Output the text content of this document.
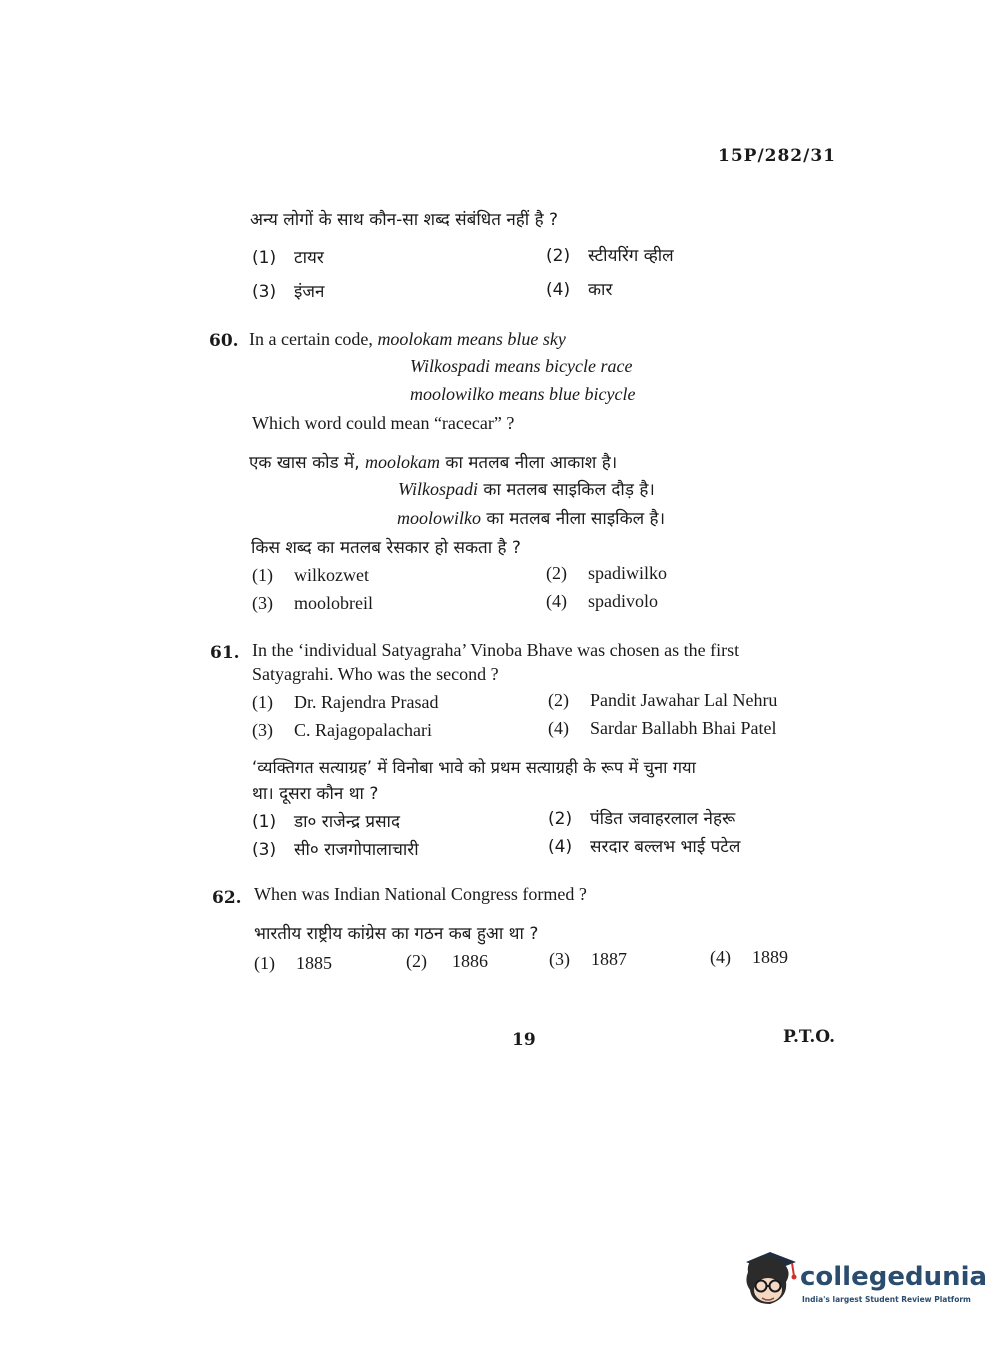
15P/282/31
अन्य लोगों के साथ कौन-सा शब्द संबंधित नहीं है ?
(1) टायर	(2) स्टीयरिंग व्हील
(3) इंजन	(4) कार
60. In a certain code, moolokam means blue sky
Wilkospadi means bicycle race
moolowilko means blue bicycle
Which word could mean “racecar” ?
एक खास कोड में, moolokam का मतलब नीला आकाश है।
Wilkospadi का मतलब साइकिल दौड़ है।
moolowilko का मतलब नीला साइकिल है।
किस शब्द का मतलब रेसकार हो सकता है ?
(1) wilkozwet	(2) spadiwilko
(3) moolobreil	(4) spadivolo
61. In the ‘individual Satyagraha’ Vinoba Bhave was chosen as the first
Satyagrahi. Who was the second ?
(1) Dr. Rajendra Prasad	(2) Pandit Jawahar Lal Nehru
(3) C. Rajagopalachari	(4) Sardar Ballabh Bhai Patel
‘व्यक्तिगत सत्याग्रह’ में विनोबा भावे को प्रथम सत्याग्रही के रूप में चुना गया
था। दूसरा कौन था ?
(1) डा० राजेन्द्र प्रसाद	(2) पंडित जवाहरलाल नेहरू
(3) सी० राजगोपालाचारी	(4) सरदार बल्लभ भाई पटेल
62. When was Indian National Congress formed ?
भारतीय राष्ट्रीय कांग्रेस का गठन कब हुआ था ?
(1) 1885	(2) 1886	(3) 1887	(4) 1889
19	P.T.O.
collegedunia
India's largest Student Review Platform
